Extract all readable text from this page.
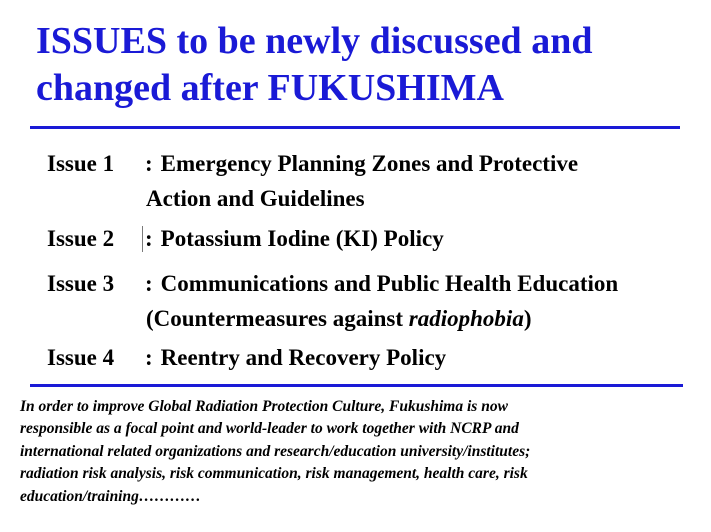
ISSUES to be newly discussed and
changed after FUKUSHIMA
Issue 1 : Emergency Planning Zones and Protective
Action and Guidelines
Issue 2 : Potassium Iodine (KI) Policy
Issue 3 : Communications and Public Health Education
(Countermeasures against radiophobia)
Issue 4 : Reentry and Recovery Policy
In order to improve Global Radiation Protection Culture, Fukushima is now
responsible as a focal point and world-leader to work together with NCRP and
international related organizations and research/education university/institutes;
radiation risk analysis, risk communication, risk management, health care, risk
education/training…………
